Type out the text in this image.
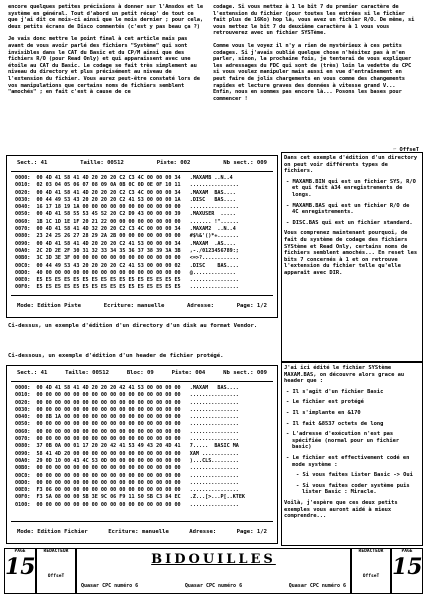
encore quelques petites précisions à donner sur l'Amsdos et le système en général. Tout d'abord un petit récap' de tout ce que j'ai dit ce mois-ci ainsi que le mois dernier ; pour cela, deux petits écrans de Disco commentés (c'est y pas beau ça ?)

Je vais donc mettre le point final à cet article mais pas avant de vous avoir parlé des fichiers "Système" qui sont invisibles dans le CAT du Basic et du CP/M ainsi que des fichiers R/O (pour Read Only) et qui apparaissent avec une étoile au CAT du Basic. Le codage se fait très simplement au niveau du directory et plus précisément au niveau de l'extension du fichier. Vous aurez peut-être constaté lors de vos manipulations que certains noms de fichiers semblent "amochés" ; en fait c'est à cause de ce

codage. Si vous mettez à 1 le bit 7 du premier caractère de l'extension du fichier (pour toutes les entrées si le fichier fait plus de 16Ko) hop là, vous avez un fichier R/O. De même, si vous mettez le bit 7 du deuxième caractère à 1 vous vous retrouverez avec un fichier SYSTème.

Comme vous le voyez il n'y a rien de mystérieux à ces petits codages. Si j'avais oublié quelque chose n'hésitez pas à m'en parler, sinon, la prochaine fois, je tenterai de vous expliquer les adressages du FDC qui sont de (très) loin la vedette du CPC si vous voulez manipuler mais aussi en vue d'entraînement en peut faire de jolis chargements en vous comme des changements rapides et lecture graves des données à vitesse grand V... Enfin, nous en sommes pas encore là... Posons les bases pour commencer !

☞ OffseT
Sect.: 41	Taille: 00512	Piste: 002	Nb sect.: 009
0000:  00 4D 41 58 41 4D 20 20 20 C2 C3 4C 00 00 00 34   .MAXAMB ..N..4
0010:  02 03 04 05 06 07 08 09 0A 0B 0C 0D 0E 0F 10 11   ................
0020:  00 4D 41 58 41 4D 20 20 20 C2 C3 4C 00 00 00 34   .MAXAM  BAS....
0030:  00 44 49 53 43 20 20 20 20 C2 41 53 00 00 00 1A   .DISC   BAS....
0040:  16 17 18 19 1A 00 00 00 00 00 00 00 00 00 00 00   ................
0050:  00 4D 41 58 55 53 45 52 20 C2 D9 43 00 00 00 39   .MAXUSER  .....
0060:  1B 1C 1D 1E 1F 20 21 22 00 00 00 00 00 00 00 00   ....... !"......
0070:  00 4D 41 58 41 4D 32 20 20 C2 C3 4C 00 00 00 34   .MAXAM2  ..N..4
0080:  23 24 25 26 27 28 29 2A 2B 00 00 00 00 00 00 00   #$%&'()*+.......
0090:  00 4D 41 58 41 4D 20 20 20 C2 41 53 00 00 00 34   .MAXAM  .AS....
00A0:  2C 2D 2E 2F 30 31 32 33 34 35 36 37 38 39 3A 3B   ,-./0123456789:;
00B0:  3C 3D 3E 3F 00 00 00 00 00 00 00 00 00 00 00 00   <=>?............
00C0:  00 44 49 53 43 20 20 20 20 C2 41 53 00 00 00 02   .DISC    BAS....
00D0:  40 00 00 00 00 00 00 00 00 00 00 00 00 00 00 00   @..............
00E0:  E5 E5 E5 E5 E5 E5 E5 E5 E5 E5 E5 E5 E5 E5 E5 E5   ................
00F0:  E5 E5 E5 E5 E5 E5 E5 E5 E5 E5 E5 E5 E5 E5 E5 E5   ................
Mode: Edition Piste	Ecriture: manuelle	Adresse:	Page: 1/2
Ci-dessus, un exemple d'édition d'un directory d'un disk au format Vendor.
Ci-dessous, un exemple d'édition d'un header de fichier protégé.
Sect.: 41	Taille: 00512	Bloc: 09	Piste: 004	Nb sect.: 009
0000:  00 4D 41 58 41 4D 20 20 20 42 41 53 00 00 00 00   .MAXAM   BAS....
0010:  00 00 00 00 00 00 00 00 00 00 00 00 00 00 00 00   ................
0020:  00 00 00 00 00 00 00 00 00 00 00 00 00 00 00 00   ................
0030:  00 00 00 00 00 00 00 00 00 00 00 00 00 00 00 00   ................
0040:  00 8B 1A 00 00 00 00 00 00 00 00 00 00 00 00 00   ................
0050:  00 00 00 00 00 00 00 00 00 00 00 00 00 00 00 00   ................
0060:  00 00 00 00 00 00 00 00 00 00 00 00 00 00 00 00   ................
0070:  00 00 00 00 00 00 00 00 00 00 00 00 00 00 00 00   ................
0080:  37 0B 0A 00 01 17 20 20 42 41 53 49 43 20 4D 41   7.....  BASIC MA
0090:  58 41 4D 20 00 00 00 00 00 00 00 00 00 00 00 00   XAM ............
00A0:  29 0D 10 00 43 4C 53 0D 00 00 00 00 00 00 00 00   )...CLS.........
00B0:  00 00 00 00 00 00 00 00 00 00 00 00 00 00 00 00   ................
00C0:  00 00 00 00 00 00 00 00 00 00 00 00 00 00 00 00   ................
00D0:  00 00 00 00 00 00 00 00 00 00 00 00 00 00 00 00   ................
00E0:  F3 06 00 00 00 00 00 00 00 00 00 00 00 00 00 00   ................
00F0:  F3 5A 08 00 00 5B 3E 9C 06 F9 11 50 5B C3 84 EC   .Z...[>...P[..KTEK
0100:  00 00 00 00 00 00 00 00 00 00 00 00 00 00 00 00   ................
Mode: Edition Fichier	Ecriture: manuelle	Adresse:	Page: 1/2

Dans cet exemple d'édition d'un directory on peut voir différents types de fichiers.

- MAXAMB.BIN qui est un fichier SYS, R/O et qui fait à34 enregistrements de longs.
- MAXAMB.BAS qui est un fichier R/O de 4C enregistrements.
- DISC.BAS qui est un fichier standard.

Vous comprenez maintenant pourquoi, de fait du système de codage des fichiers SYStème et Read Only, certains noms de fichiers semblent amochés... En reset les bits 7 concernés à 1 et on retrouve l'extension du fichier telle qu'elle apparaît avec DIR.

J'ai ici édité le fichier SYStème MAXAM.BAS, on découvre alors grace au header que :

- Il s'agit d'un fichier Basic
- Le fichier est protégé
- Il s'implante en &170
- Il fait &8537 octets de long
- L'adresse d'exécution n'est pas spécifiée (normal pour un fichier basic)
- Le fichier est effectivement codé en mode système :
- Si vous faites Lister Basic -> Oui
- Si vous faites coder système puis lister Basic : Miracle.

Voilà, j'espère que ces deux petits exemples vous auront aidé à mieux comprendre...

PAGE
15
REDACTEUR
OffseT
BIDOUILLES
Quasar CPC numéro 6	Quasar CPC numéro 6	Quasar CPC numéro 6
REDACTEUR
OffseT
PAGE
15
